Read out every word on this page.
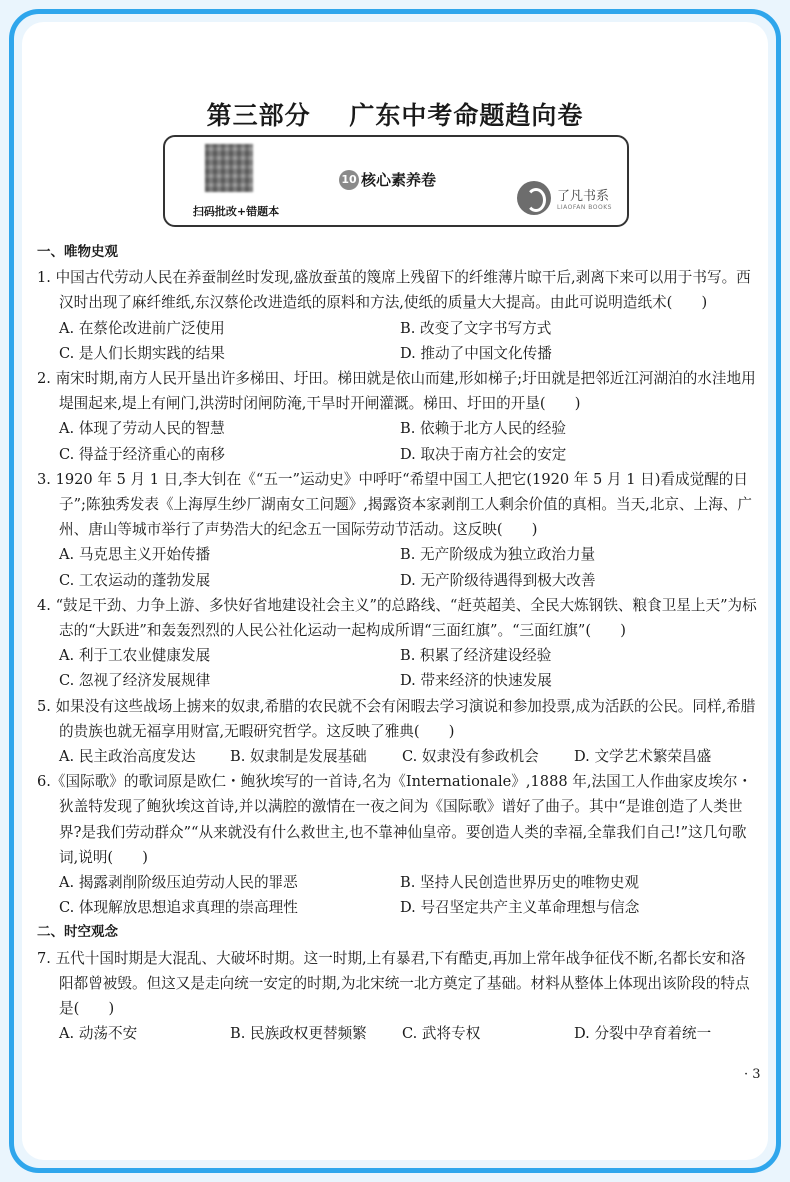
第三部分    广东中考命题趋向卷
扫码批改+错题本
10 核心素养卷
了凡书系
LIAOFAN BOOKS
一、唯物史观
1. 中国古代劳动人民在养蚕制丝时发现,盛放蚕茧的篾席上残留下的纤维薄片晾干后,剥离下来可以用于书写。西汉时出现了麻纤维纸,东汉蔡伦改进造纸的原料和方法,使纸的质量大大提高。由此可说明造纸术(　　)
A. 在蔡伦改进前广泛使用	B. 改变了文字书写方式
C. 是人们长期实践的结果	D. 推动了中国文化传播
2. 南宋时期,南方人民开垦出许多梯田、圩田。梯田就是依山而建,形如梯子;圩田就是把邻近江河湖泊的水洼地用堤围起来,堤上有闸门,洪涝时闭闸防淹,干旱时开闸灌溉。梯田、圩田的开垦(　　)
A. 体现了劳动人民的智慧	B. 依赖于北方人民的经验
C. 得益于经济重心的南移	D. 取决于南方社会的安定
3. 1920 年 5 月 1 日,李大钊在《“五一”运动史》中呼吁“希望中国工人把它(1920 年 5 月 1 日)看成觉醒的日子”;陈独秀发表《上海厚生纱厂湖南女工问题》,揭露资本家剥削工人剩余价值的真相。当天,北京、上海、广州、唐山等城市举行了声势浩大的纪念五一国际劳动节活动。这反映(　　)
A. 马克思主义开始传播	B. 无产阶级成为独立政治力量
C. 工农运动的蓬勃发展	D. 无产阶级待遇得到极大改善
4. “鼓足干劲、力争上游、多快好省地建设社会主义”的总路线、“赶英超美、全民大炼钢铁、粮食卫星上天”为标志的“大跃进”和轰轰烈烈的人民公社化运动一起构成所谓“三面红旗”。“三面红旗”(　　)
A. 利于工农业健康发展	B. 积累了经济建设经验
C. 忽视了经济发展规律	D. 带来经济的快速发展
5. 如果没有这些战场上掳来的奴隶,希腊的农民就不会有闲暇去学习演说和参加投票,成为活跃的公民。同样,希腊的贵族也就无福享用财富,无暇研究哲学。这反映了雅典(　　)
A. 民主政治高度发达	B. 奴隶制是发展基础	C. 奴隶没有参政机会	D. 文学艺术繁荣昌盛
6.《国际歌》的歌词原是欧仁・鲍狄埃写的一首诗,名为《Internationale》,1888 年,法国工人作曲家皮埃尔・狄盖特发现了鲍狄埃这首诗,并以满腔的激情在一夜之间为《国际歌》谱好了曲子。其中“是谁创造了人类世界?是我们劳动群众”“从来就没有什么救世主,也不靠神仙皇帝。要创造人类的幸福,全靠我们自己!”这几句歌词,说明(　　)
A. 揭露剥削阶级压迫劳动人民的罪恶	B. 坚持人民创造世界历史的唯物史观
C. 体现解放思想追求真理的崇高理性	D. 号召坚定共产主义革命理想与信念
二、时空观念
7. 五代十国时期是大混乱、大破坏时期。这一时期,上有暴君,下有酷吏,再加上常年战争征伐不断,名都长安和洛阳都曾被毁。但这又是走向统一安定的时期,为北宋统一北方奠定了基础。材料从整体上体现出该阶段的特点是(　　)
A. 动荡不安	B. 民族政权更替频繁	C. 武将专权	D. 分裂中孕育着统一
· 3
